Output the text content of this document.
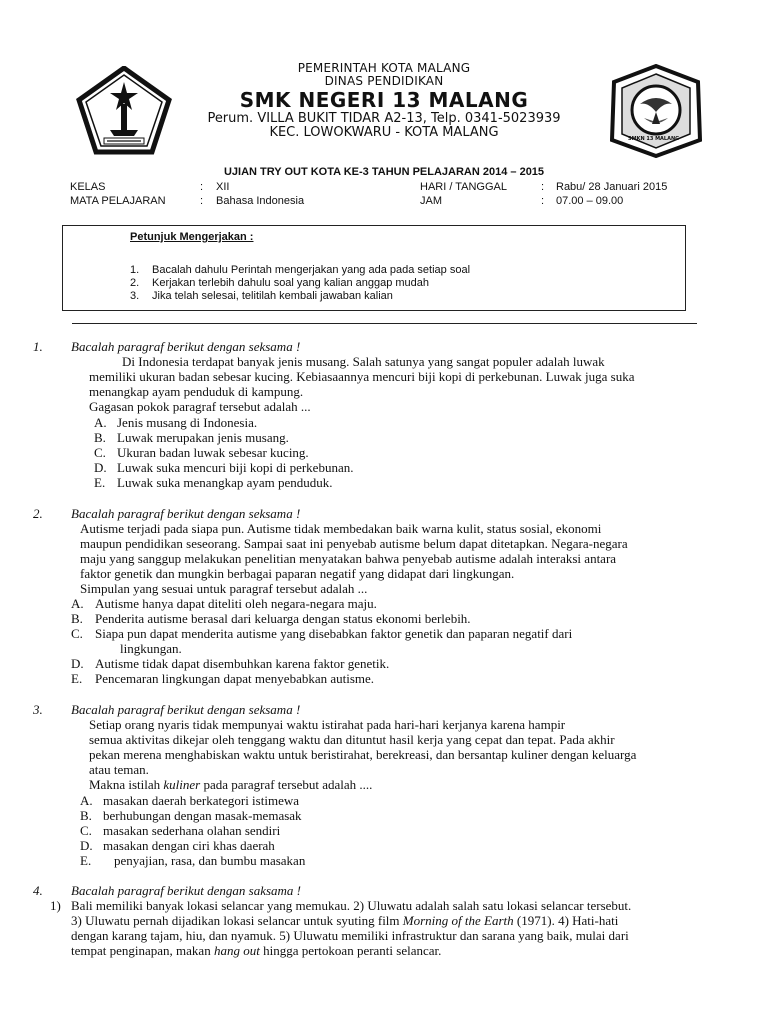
SMKN 13 MALANG
PEMERINTAH KOTA MALANG
DINAS PENDIDIKAN
SMK NEGERI 13 MALANG
Perum. VILLA BUKIT TIDAR A2-13, Telp. 0341-5023939
KEC. LOWOKWARU - KOTA MALANG
UJIAN TRY OUT KOTA KE-3 TAHUN PELAJARAN 2014 – 2015
KELAS	: XII	HARI / TANGGAL	: Rabu/ 28 Januari 2015
MATA PELAJARAN	: Bahasa Indonesia	JAM	: 07.00 – 09.00
Petunjuk Mengerjakan :
1. Bacalah dahulu Perintah mengerjakan yang ada pada setiap soal
2. Kerjakan terlebih dahulu soal yang kalian anggap mudah
3. Jika telah selesai, telitilah kembali jawaban kalian
1. Bacalah paragraf berikut dengan seksama !
Di Indonesia terdapat banyak jenis musang. Salah satunya yang sangat populer adalah luwak
memiliki ukuran badan sebesar kucing. Kebiasaannya mencuri biji kopi di perkebunan. Luwak juga suka
menangkap ayam penduduk di kampung.
Gagasan pokok paragraf tersebut adalah ...
A. Jenis musang di Indonesia.
B. Luwak merupakan jenis musang.
C. Ukuran badan luwak sebesar kucing.
D. Luwak suka mencuri biji kopi di perkebunan.
E. Luwak suka menangkap ayam penduduk.
2. Bacalah paragraf berikut dengan seksama !
Autisme terjadi pada siapa pun. Autisme tidak membedakan baik warna kulit, status sosial, ekonomi
maupun pendidikan seseorang. Sampai saat ini penyebab autisme belum dapat ditetapkan. Negara-negara
maju yang sanggup melakukan penelitian menyatakan bahwa penyebab autisme adalah interaksi antara
faktor genetik dan mungkin berbagai paparan negatif yang didapat dari lingkungan.
Simpulan yang sesuai untuk paragraf tersebut adalah ...
A. Autisme hanya dapat diteliti oleh negara-negara maju.
B. Penderita autisme berasal dari keluarga dengan status ekonomi berlebih.
C. Siapa pun dapat menderita autisme yang disebabkan faktor genetik dan paparan negatif dari
lingkungan.
D. Autisme tidak dapat disembuhkan karena faktor genetik.
E. Pencemaran lingkungan dapat menyebabkan autisme.
3. Bacalah paragraf berikut dengan seksama !
Setiap orang nyaris tidak mempunyai waktu istirahat pada hari-hari kerjanya karena hampir
semua aktivitas dikejar oleh tenggang waktu dan dituntut hasil kerja yang cepat dan tepat. Pada akhir
pekan merena menghabiskan waktu untuk beristirahat, berekreasi, dan bersantap kuliner dengan keluarga
atau teman.
Makna istilah kuliner pada paragraf tersebut adalah ....
A. masakan daerah berkategori istimewa
B. berhubungan dengan masak-memasak
C. masakan sederhana olahan sendiri
D. masakan dengan ciri khas daerah
E. penyajian, rasa, dan bumbu masakan
4. Bacalah paragraf berikut dengan saksama !
1) Bali memiliki banyak lokasi selancar yang memukau. 2) Uluwatu adalah salah satu lokasi selancar tersebut.
3) Uluwatu pernah dijadikan lokasi selancar untuk syuting film Morning of the Earth (1971). 4) Hati-hati
dengan karang tajam, hiu, dan nyamuk. 5) Uluwatu memiliki infrastruktur dan sarana yang baik, mulai dari
tempat penginapan, makan hang out hingga pertokoan peranti selancar.
